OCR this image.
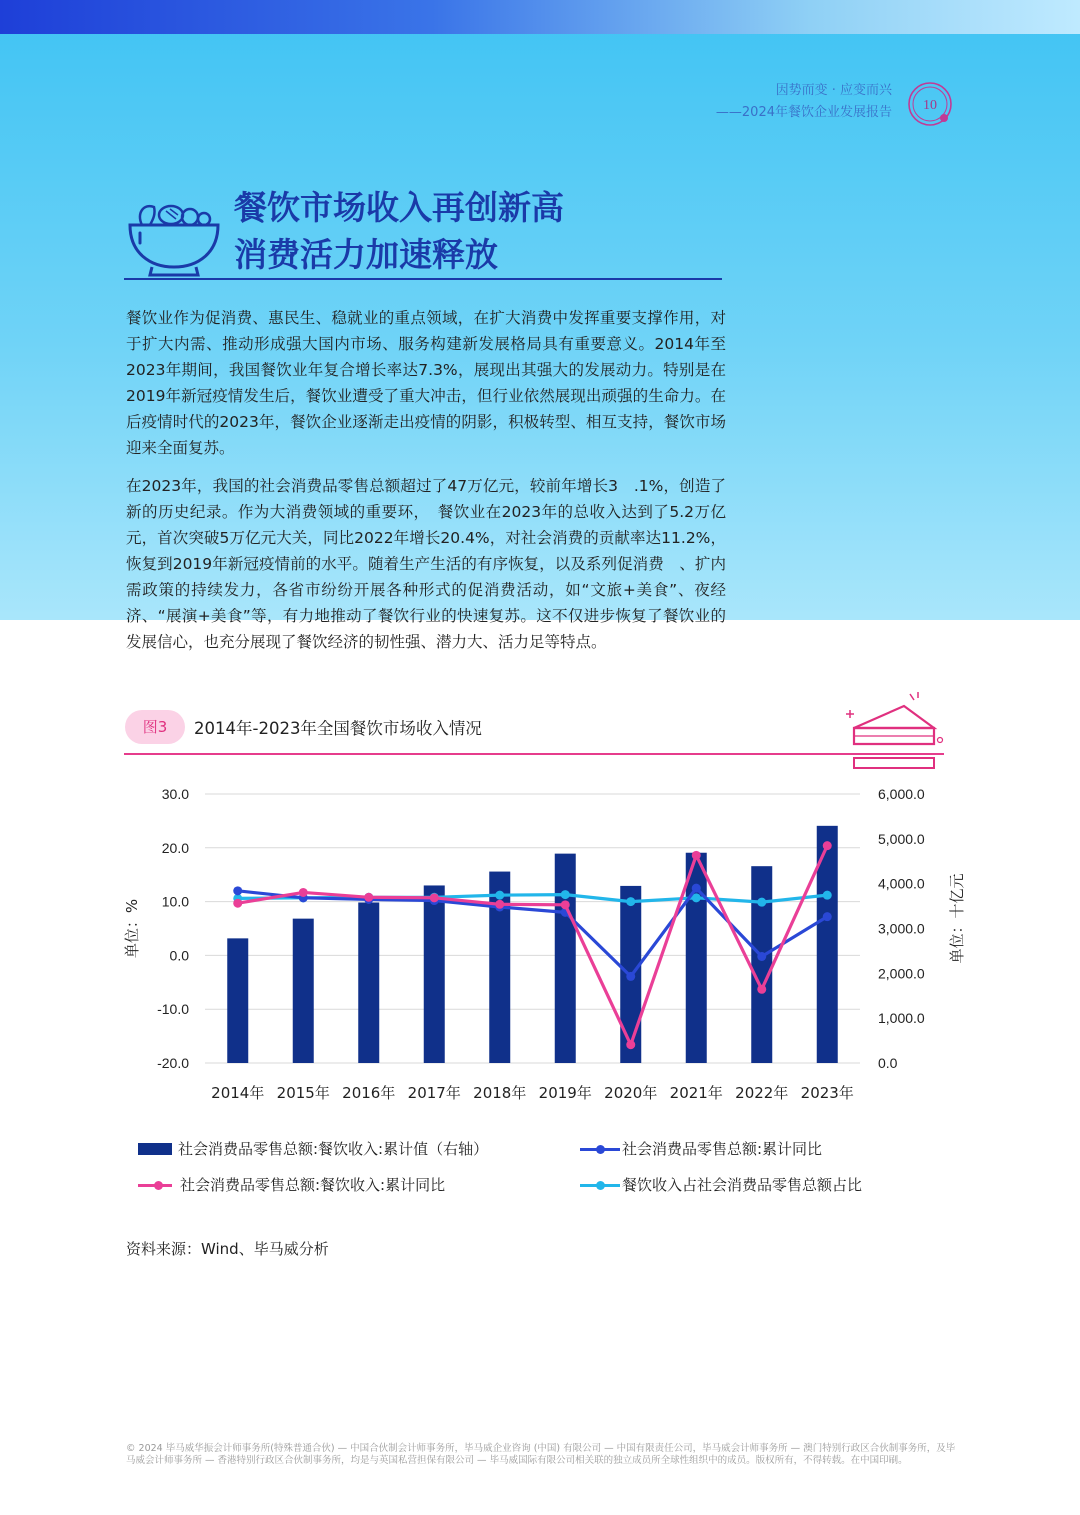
因势而变 · 应变而兴
——2024年餐饮企业发展报告 10
餐饮市场收入再创新高
消费活力加速释放

餐饮业作为促消费、惠民生、稳就业的重点领域，在扩大消费中发挥重要支撑作用，对于扩大内需、推动形成强大国内市场、服务构建新发展格局具有重要意义。2014年至2023年期间，我国餐饮业年复合增长率达7.3%，展现出其强大的发展动力。特别是在2019年新冠疫情发生后，餐饮业遭受了重大冲击，但行业依然展现出顽强的生命力。在后疫情时代的2023年，餐饮企业逐渐走出疫情的阴影，积极转型、相互支持，餐饮市场迎来全面复苏。

在2023年，我国的社会消费品零售总额超过了47万亿元，较前年增长3　.1%，创造了新的历史纪录。作为大消费领域的重要环，　餐饮业在2023年的总收入达到了5.2万亿元，首次突破5万亿元大关，同比2022年增长20.4%，对社会消费的贡献率达11.2%，恢复到2019年新冠疫情前的水平。随着生产生活的有序恢复，以及系列促消费　、扩内需政策的持续发力，各省市纷纷开展各种形式的促消费活动，如“文旅+美食”、夜经济、“展演+美食”等，有力地推动了餐饮行业的快速复苏。这不仅进步恢复了餐饮业的发展信心，也充分展现了餐饮经济的韧性强、潜力大、活力足等特点。

图3	2014年-2023年全国餐饮市场收入情况
30.0
20.0
10.0
0.0
-10.0
-20.0
6,000.0
5,000.0
4,000.0
3,000.0
2,000.0
1,000.0
0.0
单位：%	单位：十亿元
2014年 2015年 2016年 2017年 2018年 2019年 2020年 2021年 2022年 2023年
社会消费品零售总额:餐饮收入:累计值（右轴）	社会消费品零售总额:累计同比
社会消费品零售总额:餐饮收入:累计同比	餐饮收入占社会消费品零售总额占比
资料来源：Wind、毕马威分析
© 2024 毕马威华振会计师事务所(特殊普通合伙) — 中国合伙制会计师事务所，毕马威企业咨询 (中国) 有限公司 — 中国有限责任公司，毕马威会计师事务所 — 澳门特别行政区合伙制事务所，及毕马威会计师事务所 — 香港特别行政区合伙制事务所，均是与英国私营担保有限公司 — 毕马威国际有限公司相关联的独立成员所全球性组织中的成员。版权所有，不得转载。在中国印刷。
